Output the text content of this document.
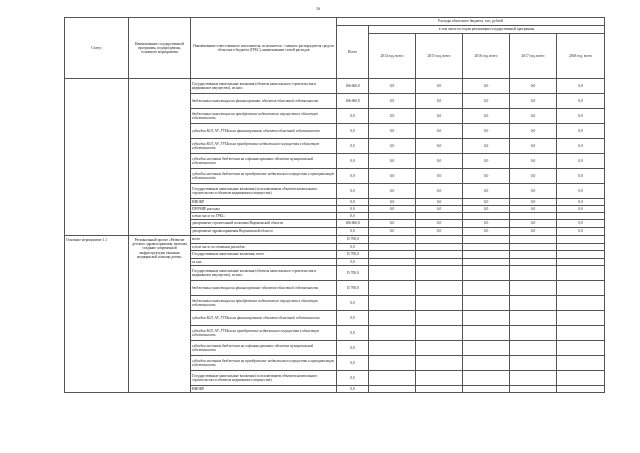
16
Статус	Наименование государственной программы, подпрограммы, основного мероприятия	Наименование ответственного исполнителя, исполнителя - главного распорядителя средств областного бюджета (ГРБС), наименование статей расходов	Расходы областного бюджета, тыс. рублей					
			Всего	в том числе по годам реализации государственной программы				
				2014 год, всего	2015 год, всего	2016 год, всего	2017 год, всего	2018 год, всего
		Государственные капитальные вложения (объекты капитального строительства и недвижимое имущество), из них:	166 660,0	0,0	0,0	0,0	0,0	0,0
		бюджетные инвестиции на финансирование объектов областной собственности	166 660,0	0,0	0,0	0,0	0,0	0,0
		бюджетные инвестиции на приобретение недвижимого имущества в областную собственность	0,0	0,0	0,0	0,0	0,0	0,0
		субсидии ЮЛ, АУ, ГУПам на финансирование объектов областной собственности	0,0	0,0	0,0	0,0	0,0	0,0
		субсидии ЮЛ, АУ, ГУПам на приобретение недвижимого имущества в областную собственность	0,0	0,0	0,0	0,0	0,0	0,0
		субсидии местным бюджетам на софинансирование объектов муниципальной собственности	0,0	0,0	0,0	0,0	0,0	0,0
		субсидии местным бюджетам на приобретение недвижимого имущества в муниципальную собственность	0,0	0,0	0,0	0,0	0,0	0,0
		Государственные капитальные вложения (за исключением объектов капитального строительства и объектов недвижимого имущества)	0,0	0,0	0,0	0,0	0,0	0,0
		НИОКР	0,0	0,0	0,0	0,0	0,0	0,0
		ПРОЧИЕ расходы	0,0	0,0	0,0	0,0	0,0	0,0
		в том числе по ГРБС:	0,0					
		департамент строительной политики Воронежской области	166 660,0	0,0	0,0	0,0	0,0	0,0
		департамент здравоохранения Воронежской области	0,0	0,0	0,0	0,0	0,0	0,0
Основное мероприятие 1.1	Региональный проект «Развитие детского здравоохранения, включая создание современной инфраструктуры оказания медицинской помощи детям»	всего	15 700,0					
		в том числе по статьям расходов:	0,0					
		Государственные капитальные вложения, всего	15 700,0					
		из них:	0,0					
		Государственные капитальные вложения (объекты капитального строительства и недвижимое имущество), из них:	15 700,0					
		бюджетные инвестиции на финансирование объектов областной собственности	15 700,0					
		бюджетные инвестиции на приобретение недвижимого имущества в областную собственность	0,0					
		субсидии ЮЛ, АУ, ГУПам на финансирование объектов областной собственности	0,0					
		субсидии ЮЛ, АУ, ГУПам на приобретение недвижимого имущества в областную собственность	0,0					
		субсидии местным бюджетам на софинансирование объектов муниципальной собственности	0,0					
		субсидии местным бюджетам на приобретение недвижимого имущества в муниципальную собственность	0,0					
		Государственные капитальные вложения (за исключением объектов капитального строительства и объектов недвижимого имущества)	0,0					
		НИОКР	0,0					
